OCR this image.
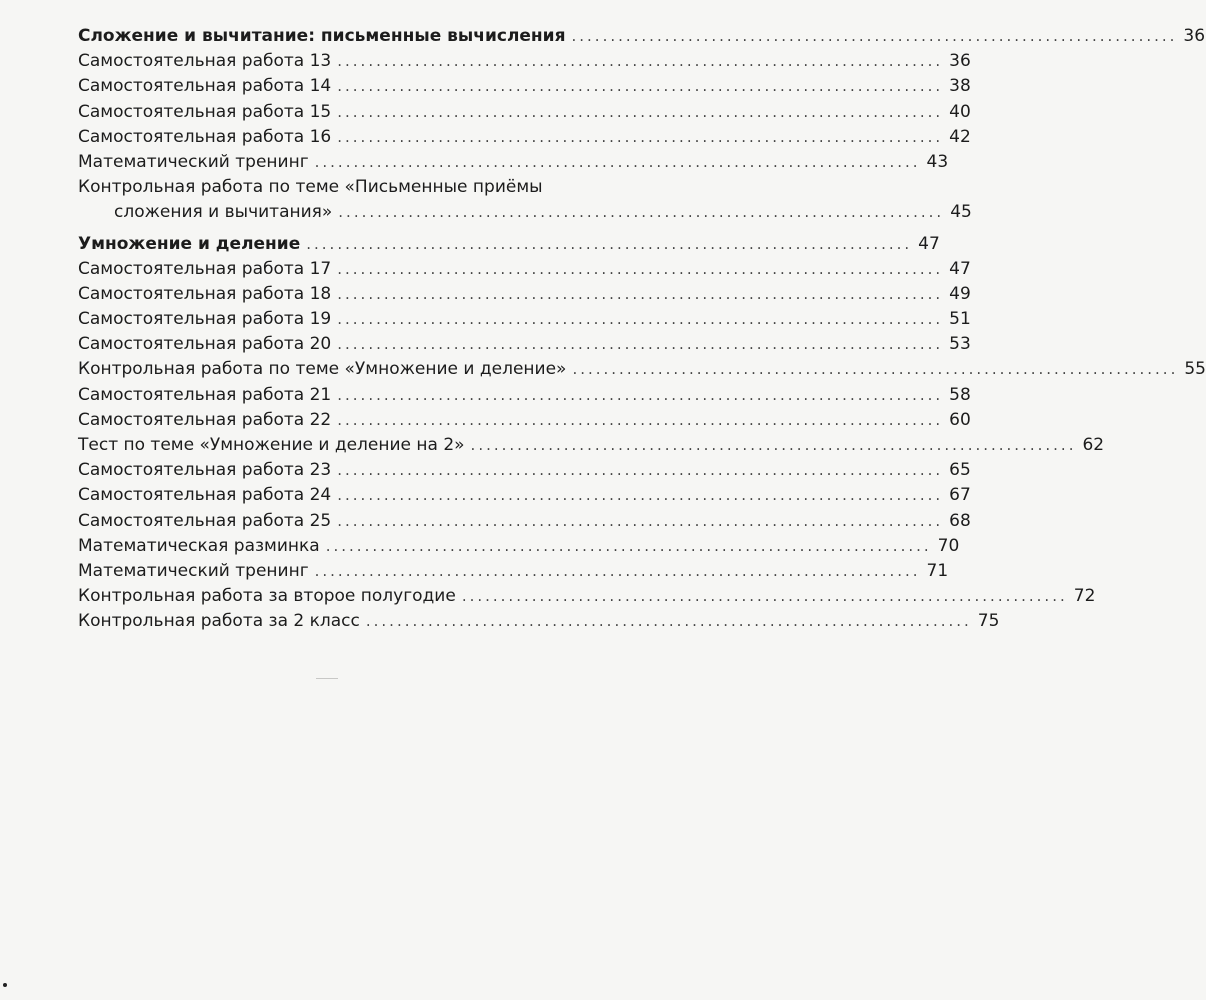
Сложение и вычитание: письменные вычисления .............................................................................. 36
Самостоятельная работа 13 .............................................................................. 36
Самостоятельная работа 14 .............................................................................. 38
Самостоятельная работа 15 .............................................................................. 40
Самостоятельная работа 16 .............................................................................. 42
Математический тренинг .............................................................................. 43
Контрольная работа по теме «Письменные приёмы
сложения и вычитания» .............................................................................. 45
Умножение и деление .............................................................................. 47
Самостоятельная работа 17 .............................................................................. 47
Самостоятельная работа 18 .............................................................................. 49
Самостоятельная работа 19 .............................................................................. 51
Самостоятельная работа 20 .............................................................................. 53
Контрольная работа по теме «Умножение и деление» .............................................................................. 55
Самостоятельная работа 21 .............................................................................. 58
Самостоятельная работа 22 .............................................................................. 60
Тест по теме «Умножение и деление на 2» .............................................................................. 62
Самостоятельная работа 23 .............................................................................. 65
Самостоятельная работа 24 .............................................................................. 67
Самостоятельная работа 25 .............................................................................. 68
Математическая разминка .............................................................................. 70
Математический тренинг .............................................................................. 71
Контрольная работа за второе полугодие .............................................................................. 72
Контрольная работа за 2 класс .............................................................................. 75
